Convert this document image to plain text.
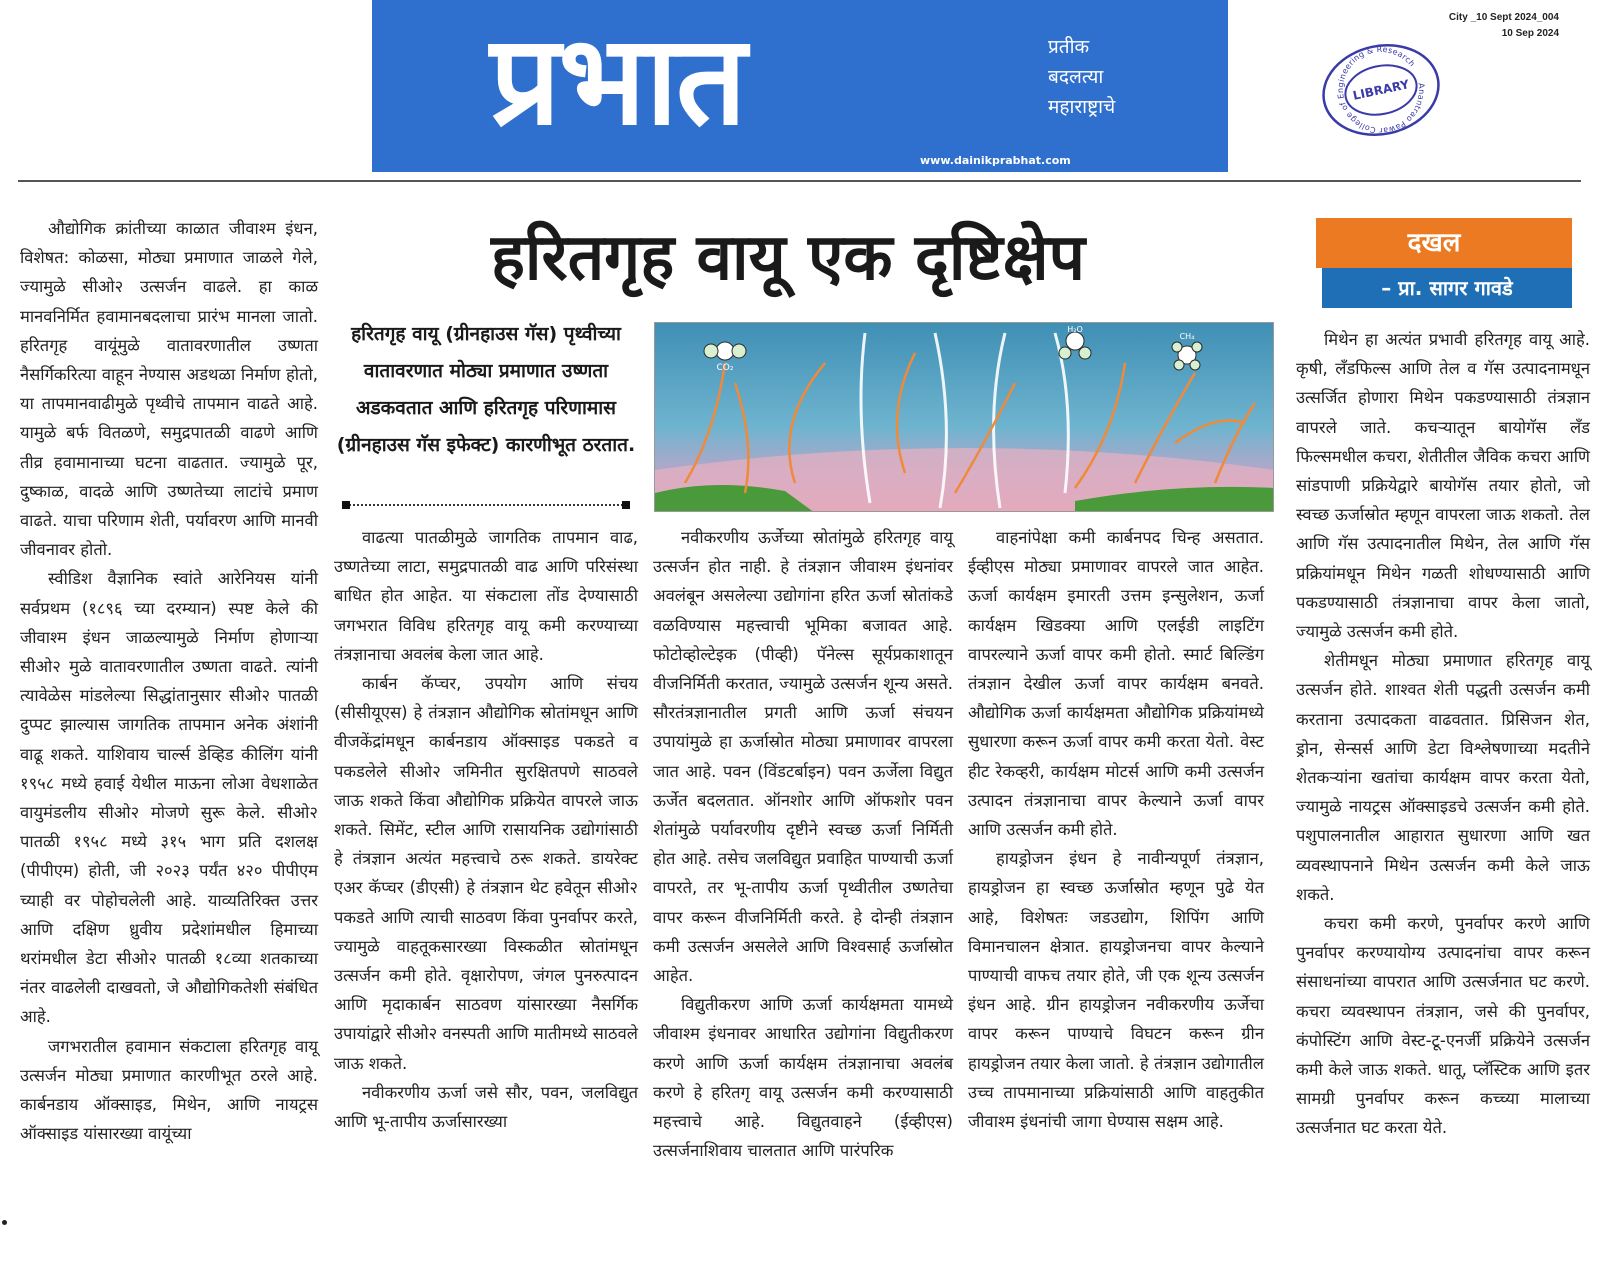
प्रभात	प्रतीक
बदलत्या
महाराष्ट्राचे
www.dainikprabhat.com
City _10 Sept 2024_004
10 Sep 2024
LIBRARY Anantrao Pawar College of Engineering & Research
हरितगृह वायू एक दृष्टिक्षेप	दखल
– प्रा. सागर गावडे
हरितगृह वायू (ग्रीनहाउस गॅस) पृथ्वीच्या वातावरणात मोठ्या प्रमाणात उष्णता अडकवतात आणि हरितगृह परिणामास (ग्रीनहाउस गॅस इफेक्ट) कारणीभूत ठरतात.
CO₂
H₂O
CH₄

औद्योगिक क्रांतीच्या काळात जीवाश्म इंधन, विशेषत: कोळसा, मोठ्या प्रमाणात जाळले गेले, ज्यामुळे सीओ२ उत्सर्जन वाढले. हा काळ मानवनिर्मित हवामानबदलाचा प्रारंभ मानला जातो. हरितगृह वायूंमुळे वातावरणातील उष्णता नैसर्गिकरित्या वाहून नेण्यास अडथळा निर्माण होतो, या तापमानवाढीमुळे पृथ्वीचे तापमान वाढते आहे. यामुळे बर्फ वितळणे, समुद्रपातळी वाढणे आणि तीव्र हवामानाच्या घटना वाढतात. ज्यामुळे पूर, दुष्काळ, वादळे आणि उष्णतेच्या लाटांचे प्रमाण वाढते. याचा परिणाम शेती, पर्यावरण आणि मानवी जीवनावर होतो.

स्वीडिश वैज्ञानिक स्वांते आरेनियस यांनी सर्वप्रथम (१८९६ च्या दरम्यान) स्पष्ट केले की जीवाश्म इंधन जाळल्यामुळे निर्माण होणाऱ्या सीओ२ मुळे वातावरणातील उष्णता वाढते. त्यांनी त्यावेळेस मांडलेल्या सिद्धांतानुसार सीओ२ पातळी दुप्पट झाल्यास जागतिक तापमान अनेक अंशांनी वाढू शकते. याशिवाय चार्ल्स डेव्हिड कीलिंग यांनी १९५८ मध्ये हवाई येथील माऊना लोआ वेधशाळेत वायुमंडलीय सीओ२ मोजणे सुरू केले. सीओ२ पातळी १९५८ मध्ये ३१५ भाग प्रति दशलक्ष (पीपीएम) होती, जी २०२३ पर्यंत ४२० पीपीएम च्याही वर पोहोचलेली आहे. याव्यतिरिक्त उत्तर आणि दक्षिण ध्रुवीय प्रदेशांमधील हिमाच्या थरांमधील डेटा सीओ२ पातळी १८व्या शतकाच्या नंतर वाढलेली दाखवतो, जे औद्योगिकतेशी संबंधित आहे.

जगभरातील हवामान संकटाला हरितगृह वायू उत्सर्जन मोठ्या प्रमाणात कारणीभूत ठरले आहे. कार्बनडाय ऑक्साइड, मिथेन, आणि नायट्रस ऑक्साइड यांसारख्या वायूंच्या

वाढत्या पातळीमुळे जागतिक तापमान वाढ, उष्णतेच्या लाटा, समुद्रपातळी वाढ आणि परिसंस्था बाधित होत आहेत. या संकटाला तोंड देण्यासाठी जगभरात विविध हरितगृह वायू कमी करण्याच्या तंत्रज्ञानाचा अवलंब केला जात आहे.

कार्बन कॅप्चर, उपयोग आणि संचय (सीसीयूएस) हे तंत्रज्ञान औद्योगिक स्रोतांमधून आणि वीजकेंद्रांमधून कार्बनडाय ऑक्साइड पकडते व पकडलेले सीओ२ जमिनीत सुरक्षितपणे साठवले जाऊ शकते किंवा औद्योगिक प्रक्रियेत वापरले जाऊ शकते. सिमेंट, स्टील आणि रासायनिक उद्योगांसाठी हे तंत्रज्ञान अत्यंत महत्त्वाचे ठरू शकते. डायरेक्ट एअर कॅप्चर (डीएसी) हे तंत्रज्ञान थेट हवेतून सीओ२ पकडते आणि त्याची साठवण किंवा पुनर्वापर करते, ज्यामुळे वाहतूकसारख्या विस्कळीत स्रोतांमधून उत्सर्जन कमी होते. वृक्षारोपण, जंगल पुनरुत्पादन आणि मृदाकार्बन साठवण यांसारख्या नैसर्गिक उपायांद्वारे सीओ२ वनस्पती आणि मातीमध्ये साठवले जाऊ शकते.

नवीकरणीय ऊर्जा जसे सौर, पवन, जलविद्युत आणि भू-तापीय ऊर्जासारख्या

नवीकरणीय ऊर्जेच्या स्रोतांमुळे हरितगृह वायू उत्सर्जन होत नाही. हे तंत्रज्ञान जीवाश्म इंधनांवर अवलंबून असलेल्या उद्योगांना हरित ऊर्जा स्रोतांकडे वळविण्यास महत्त्वाची भूमिका बजावत आहे. फोटोव्होल्टेइक (पीव्ही) पॅनेल्स सूर्यप्रकाशातून वीजनिर्मिती करतात, ज्यामुळे उत्सर्जन शून्य असते. सौरतंत्रज्ञानातील प्रगती आणि ऊर्जा संचयन उपायांमुळे हा ऊर्जास्रोत मोठ्या प्रमाणावर वापरला जात आहे. पवन (विंडटर्बाइन) पवन ऊर्जेला विद्युत ऊर्जेत बदलतात. ऑनशोर आणि ऑफशोर पवन शेतांमुळे पर्यावरणीय दृष्टीने स्वच्छ ऊर्जा निर्मिती होत आहे. तसेच जलविद्युत प्रवाहित पाण्याची ऊर्जा वापरते, तर भू-तापीय ऊर्जा पृथ्वीतील उष्णतेचा वापर करून वीजनिर्मिती करते. हे दोन्ही तंत्रज्ञान कमी उत्सर्जन असलेले आणि विश्वसार्ह ऊर्जास्रोत आहेत.

विद्युतीकरण आणि ऊर्जा कार्यक्षमता यामध्ये जीवाश्म इंधनावर आधारित उद्योगांना विद्युतीकरण करणे आणि ऊर्जा कार्यक्षम तंत्रज्ञानाचा अवलंब करणे हे हरितगृ वायू उत्सर्जन कमी करण्यासाठी महत्त्वाचे आहे. विद्युतवाहने (ईव्हीएस) उत्सर्जनाशिवाय चालतात आणि पारंपरिक

वाहनांपेक्षा कमी कार्बनपद चिन्ह असतात. ईव्हीएस मोठ्या प्रमाणावर वापरले जात आहेत. ऊर्जा कार्यक्षम इमारती उत्तम इन्सुलेशन, ऊर्जा कार्यक्षम खिडक्या आणि एलईडी लाइटिंग वापरल्याने ऊर्जा वापर कमी होतो. स्मार्ट बिल्डिंग तंत्रज्ञान देखील ऊर्जा वापर कार्यक्षम बनवते. औद्योगिक ऊर्जा कार्यक्षमता औद्योगिक प्रक्रियांमध्ये सुधारणा करून ऊर्जा वापर कमी करता येतो. वेस्ट हीट रेकव्हरी, कार्यक्षम मोटर्स आणि कमी उत्सर्जन उत्पादन तंत्रज्ञानाचा वापर केल्याने ऊर्जा वापर आणि उत्सर्जन कमी होते.

हायड्रोजन इंधन हे नावीन्यपूर्ण तंत्रज्ञान, हायड्रोजन हा स्वच्छ ऊर्जास्रोत म्हणून पुढे येत आहे, विशेषतः जडउद्योग, शिपिंग आणि विमानचालन क्षेत्रात. हायड्रोजनचा वापर केल्याने पाण्याची वाफच तयार होते, जी एक शून्य उत्सर्जन इंधन आहे. ग्रीन हायड्रोजन नवीकरणीय ऊर्जेचा वापर करून पाण्याचे विघटन करून ग्रीन हायड्रोजन तयार केला जातो. हे तंत्रज्ञान उद्योगातील उच्च तापमानाच्या प्रक्रियांसाठी आणि वाहतुकीत जीवाश्म इंधनांची जागा घेण्यास सक्षम आहे.

मिथेन हा अत्यंत प्रभावी हरितगृह वायू आहे. कृषी, लँडफिल्स आणि तेल व गॅस उत्पादनामधून उत्सर्जित होणारा मिथेन पकडण्यासाठी तंत्रज्ञान वापरले जाते. कचऱ्यातून बायोगॅस लँड फिल्समधील कचरा, शेतीतील जैविक कचरा आणि सांडपाणी प्रक्रियेद्वारे बायोगॅस तयार होतो, जो स्वच्छ ऊर्जास्रोत म्हणून वापरला जाऊ शकतो. तेल आणि गॅस उत्पादनातील मिथेन, तेल आणि गॅस प्रक्रियांमधून मिथेन गळती शोधण्यासाठी आणि पकडण्यासाठी तंत्रज्ञानाचा वापर केला जातो, ज्यामुळे उत्सर्जन कमी होते.

शेतीमधून मोठ्या प्रमाणात हरितगृह वायू उत्सर्जन होते. शाश्वत शेती पद्धती उत्सर्जन कमी करताना उत्पादकता वाढवतात. प्रिसिजन शेत, ड्रोन, सेन्सर्स आणि डेटा विश्लेषणाच्या मदतीने शेतकऱ्यांना खतांचा कार्यक्षम वापर करता येतो, ज्यामुळे नायट्रस ऑक्साइडचे उत्सर्जन कमी होते. पशुपालनातील आहारात सुधारणा आणि खत व्यवस्थापनाने मिथेन उत्सर्जन कमी केले जाऊ शकते.

कचरा कमी करणे, पुनर्वापर करणे आणि पुनर्वापर करण्यायोग्य उत्पादनांचा वापर करून संसाधनांच्या वापरात आणि उत्सर्जनात घट करणे. कचरा व्यवस्थापन तंत्रज्ञान, जसे की पुनर्वापर, कंपोस्टिंग आणि वेस्ट-टू-एनर्जी प्रक्रियेने उत्सर्जन कमी केले जाऊ शकते. धातू, प्लॅस्टिक आणि इतर सामग्री पुनर्वापर करून कच्च्या मालाच्या उत्सर्जनात घट करता येते.
